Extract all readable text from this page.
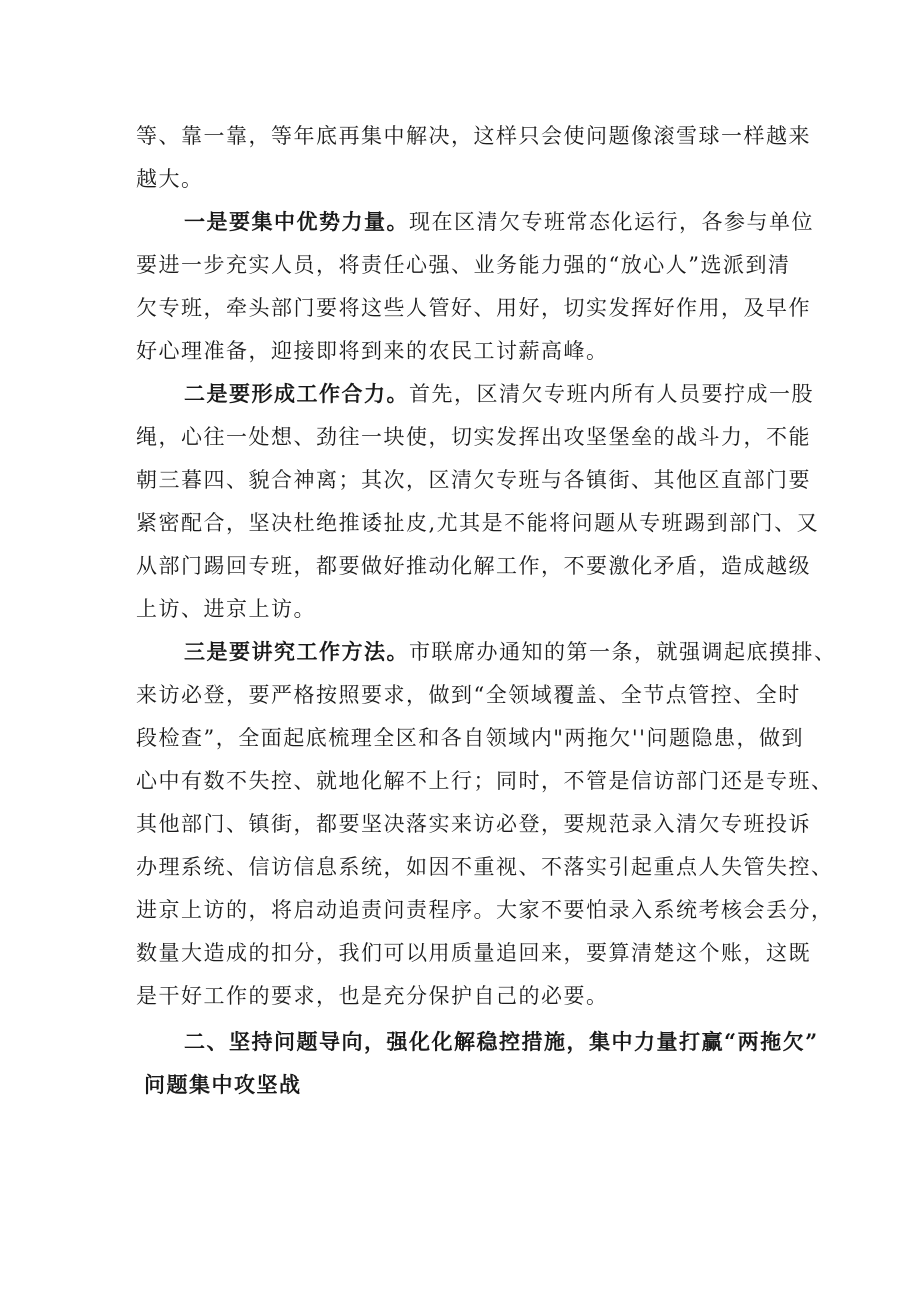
等、靠一靠，等年底再集中解决，这样只会使问题像滚雪球一样越来
越大。
一是要集中优势力量。现在区清欠专班常态化运行，各参与单位
要进一步充实人员，将责任心强、业务能力强的“放心人”选派到清
欠专班，牵头部门要将这些人管好、用好，切实发挥好作用，及早作
好心理准备，迎接即将到来的农民工讨薪高峰。
二是要形成工作合力。首先，区清欠专班内所有人员要拧成一股
绳，心往一处想、劲往一块使，切实发挥出攻坚堡垒的战斗力，不能
朝三暮四、貌合神离；其次，区清欠专班与各镇街、其他区直部门要
紧密配合，坚决杜绝推诿扯皮,尤其是不能将问题从专班踢到部门、又
从部门踢回专班，都要做好推动化解工作，不要激化矛盾，造成越级
上访、进京上访。
三是要讲究工作方法。市联席办通知的第一条，就强调起底摸排、
来访必登，要严格按照要求，做到“全领域覆盖、全节点管控、全时
段检查”，全面起底梳理全区和各自领域内"两拖欠''问题隐患，做到
心中有数不失控、就地化解不上行；同时，不管是信访部门还是专班、
其他部门、镇街，都要坚决落实来访必登，要规范录入清欠专班投诉
办理系统、信访信息系统，如因不重视、不落实引起重点人失管失控、
进京上访的，将启动追责问责程序。大家不要怕录入系统考核会丢分，
数量大造成的扣分，我们可以用质量追回来，要算清楚这个账，这既
是干好工作的要求，也是充分保护自己的必要。
二、坚持问题导向，强化化解稳控措施，集中力量打赢“两拖欠”
问题集中攻坚战
